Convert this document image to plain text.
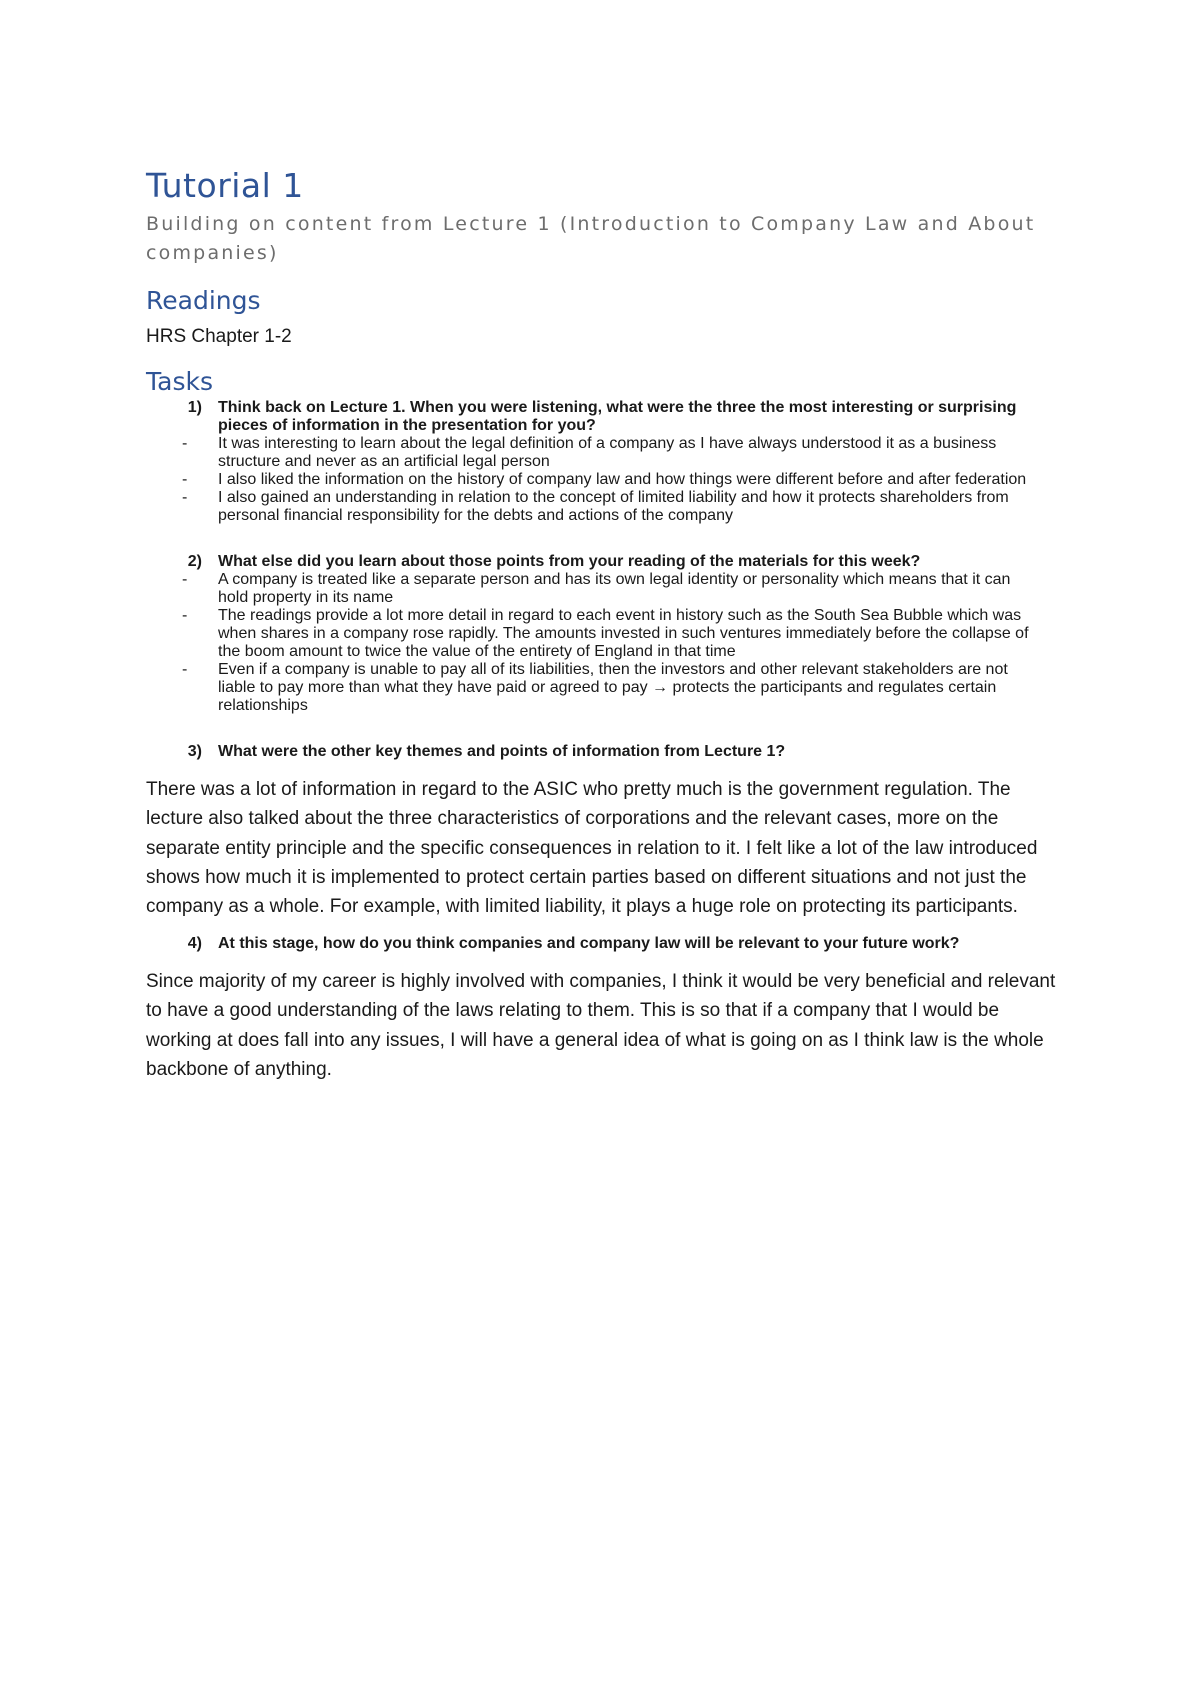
Tutorial 1
Building on content from Lecture 1 (Introduction to Company Law and About companies)
Readings

HRS Chapter 1-2

Tasks
1)	Think back on Lecture 1. When you were listening, what were the three the most interesting or surprising pieces of information in the presentation for you?
-	It was interesting to learn about the legal definition of a company as I have always understood it as a business structure and never as an artificial legal person
-	I also liked the information on the history of company law and how things were different before and after federation
-	I also gained an understanding in relation to the concept of limited liability and how it protects shareholders from personal financial responsibility for the debts and actions of the company
2)	What else did you learn about those points from your reading of the materials for this week?
-	A company is treated like a separate person and has its own legal identity or personality which means that it can hold property in its name
-	The readings provide a lot more detail in regard to each event in history such as the South Sea Bubble which was when shares in a company rose rapidly. The amounts invested in such ventures immediately before the collapse of the boom amount to twice the value of the entirety of England in that time
-	Even if a company is unable to pay all of its liabilities, then the investors and other relevant stakeholders are not liable to pay more than what they have paid or agreed to pay → protects the participants and regulates certain relationships
3)	What were the other key themes and points of information from Lecture 1?

There was a lot of information in regard to the ASIC who pretty much is the government regulation. The lecture also talked about the three characteristics of corporations and the relevant cases, more on the separate entity principle and the specific consequences in relation to it. I felt like a lot of the law introduced shows how much it is implemented to protect certain parties based on different situations and not just the company as a whole. For example, with limited liability, it plays a huge role on protecting its participants.

4)	At this stage, how do you think companies and company law will be relevant to your future work?

Since majority of my career is highly involved with companies, I think it would be very beneficial and relevant to have a good understanding of the laws relating to them. This is so that if a company that I would be working at does fall into any issues, I will have a general idea of what is going on as I think law is the whole backbone of anything.
